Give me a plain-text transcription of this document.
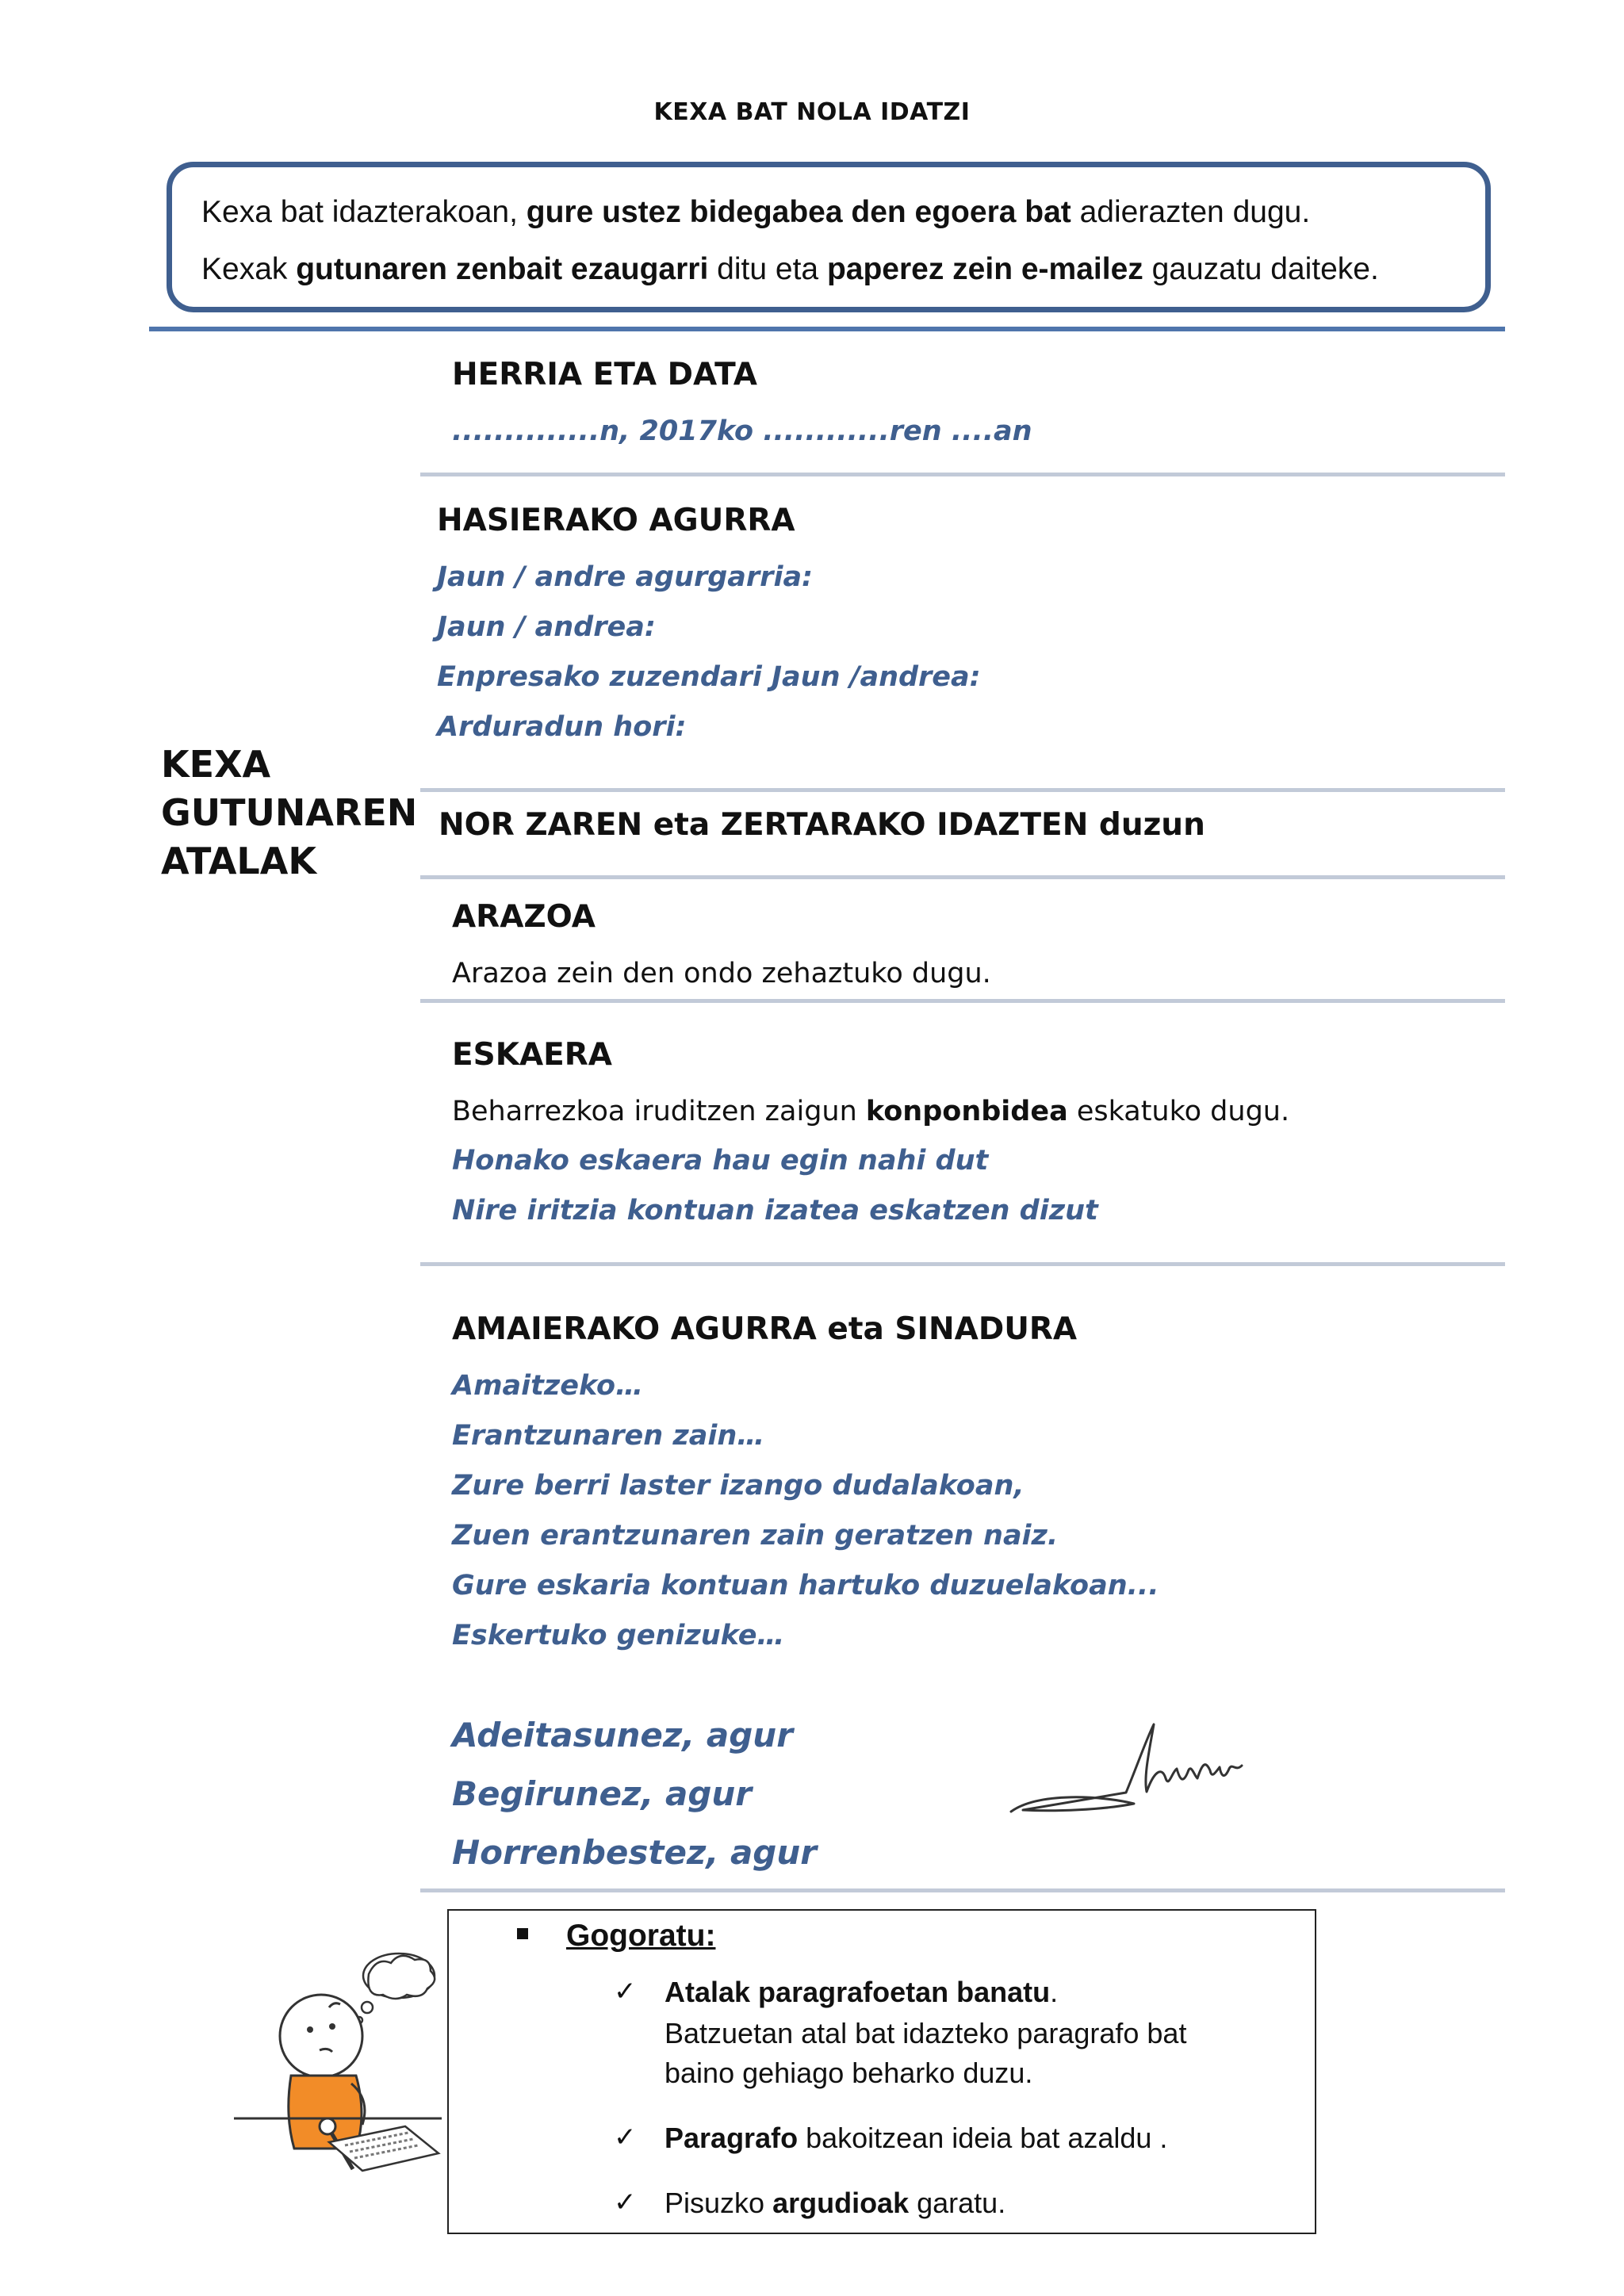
KEXA BAT NOLA IDATZI
Kexa bat idazterakoan, gure ustez bidegabea den egoera bat adierazten dugu.
Kexak gutunaren zenbait ezaugarri ditu eta paperez zein e-mailez gauzatu daiteke.
KEXA
GUTUNAREN
ATALAK
HERRIA ETA DATA
..............n, 2017ko ............ren ....an
HASIERAKO AGURRA
Jaun / andre agurgarria:
Jaun / andrea:
Enpresako zuzendari Jaun /andrea:
Arduradun hori:
NOR ZAREN eta ZERTARAKO IDAZTEN duzun
ARAZOA
Arazoa zein den ondo zehaztuko dugu.
ESKAERA
Beharrezkoa iruditzen zaigun konponbidea eskatuko dugu.
Honako eskaera hau egin nahi dut
Nire iritzia kontuan izatea eskatzen dizut
AMAIERAKO AGURRA eta SINADURA
Amaitzeko…
Erantzunaren zain…
Zure berri laster izango dudalakoan,
Zuen erantzunaren zain geratzen naiz.
Gure eskaria kontuan hartuko duzuelakoan...
Eskertuko genizuke…
Adeitasunez, agur
Begirunez, agur
Horrenbestez, agur
Gogoratu:
✓ Atalak paragrafoetan banatu.
Batzuetan atal bat idazteko paragrafo bat
baino gehiago beharko duzu.
✓ Paragrafo bakoitzean ideia bat azaldu .
✓ Pisuzko argudioak garatu.
